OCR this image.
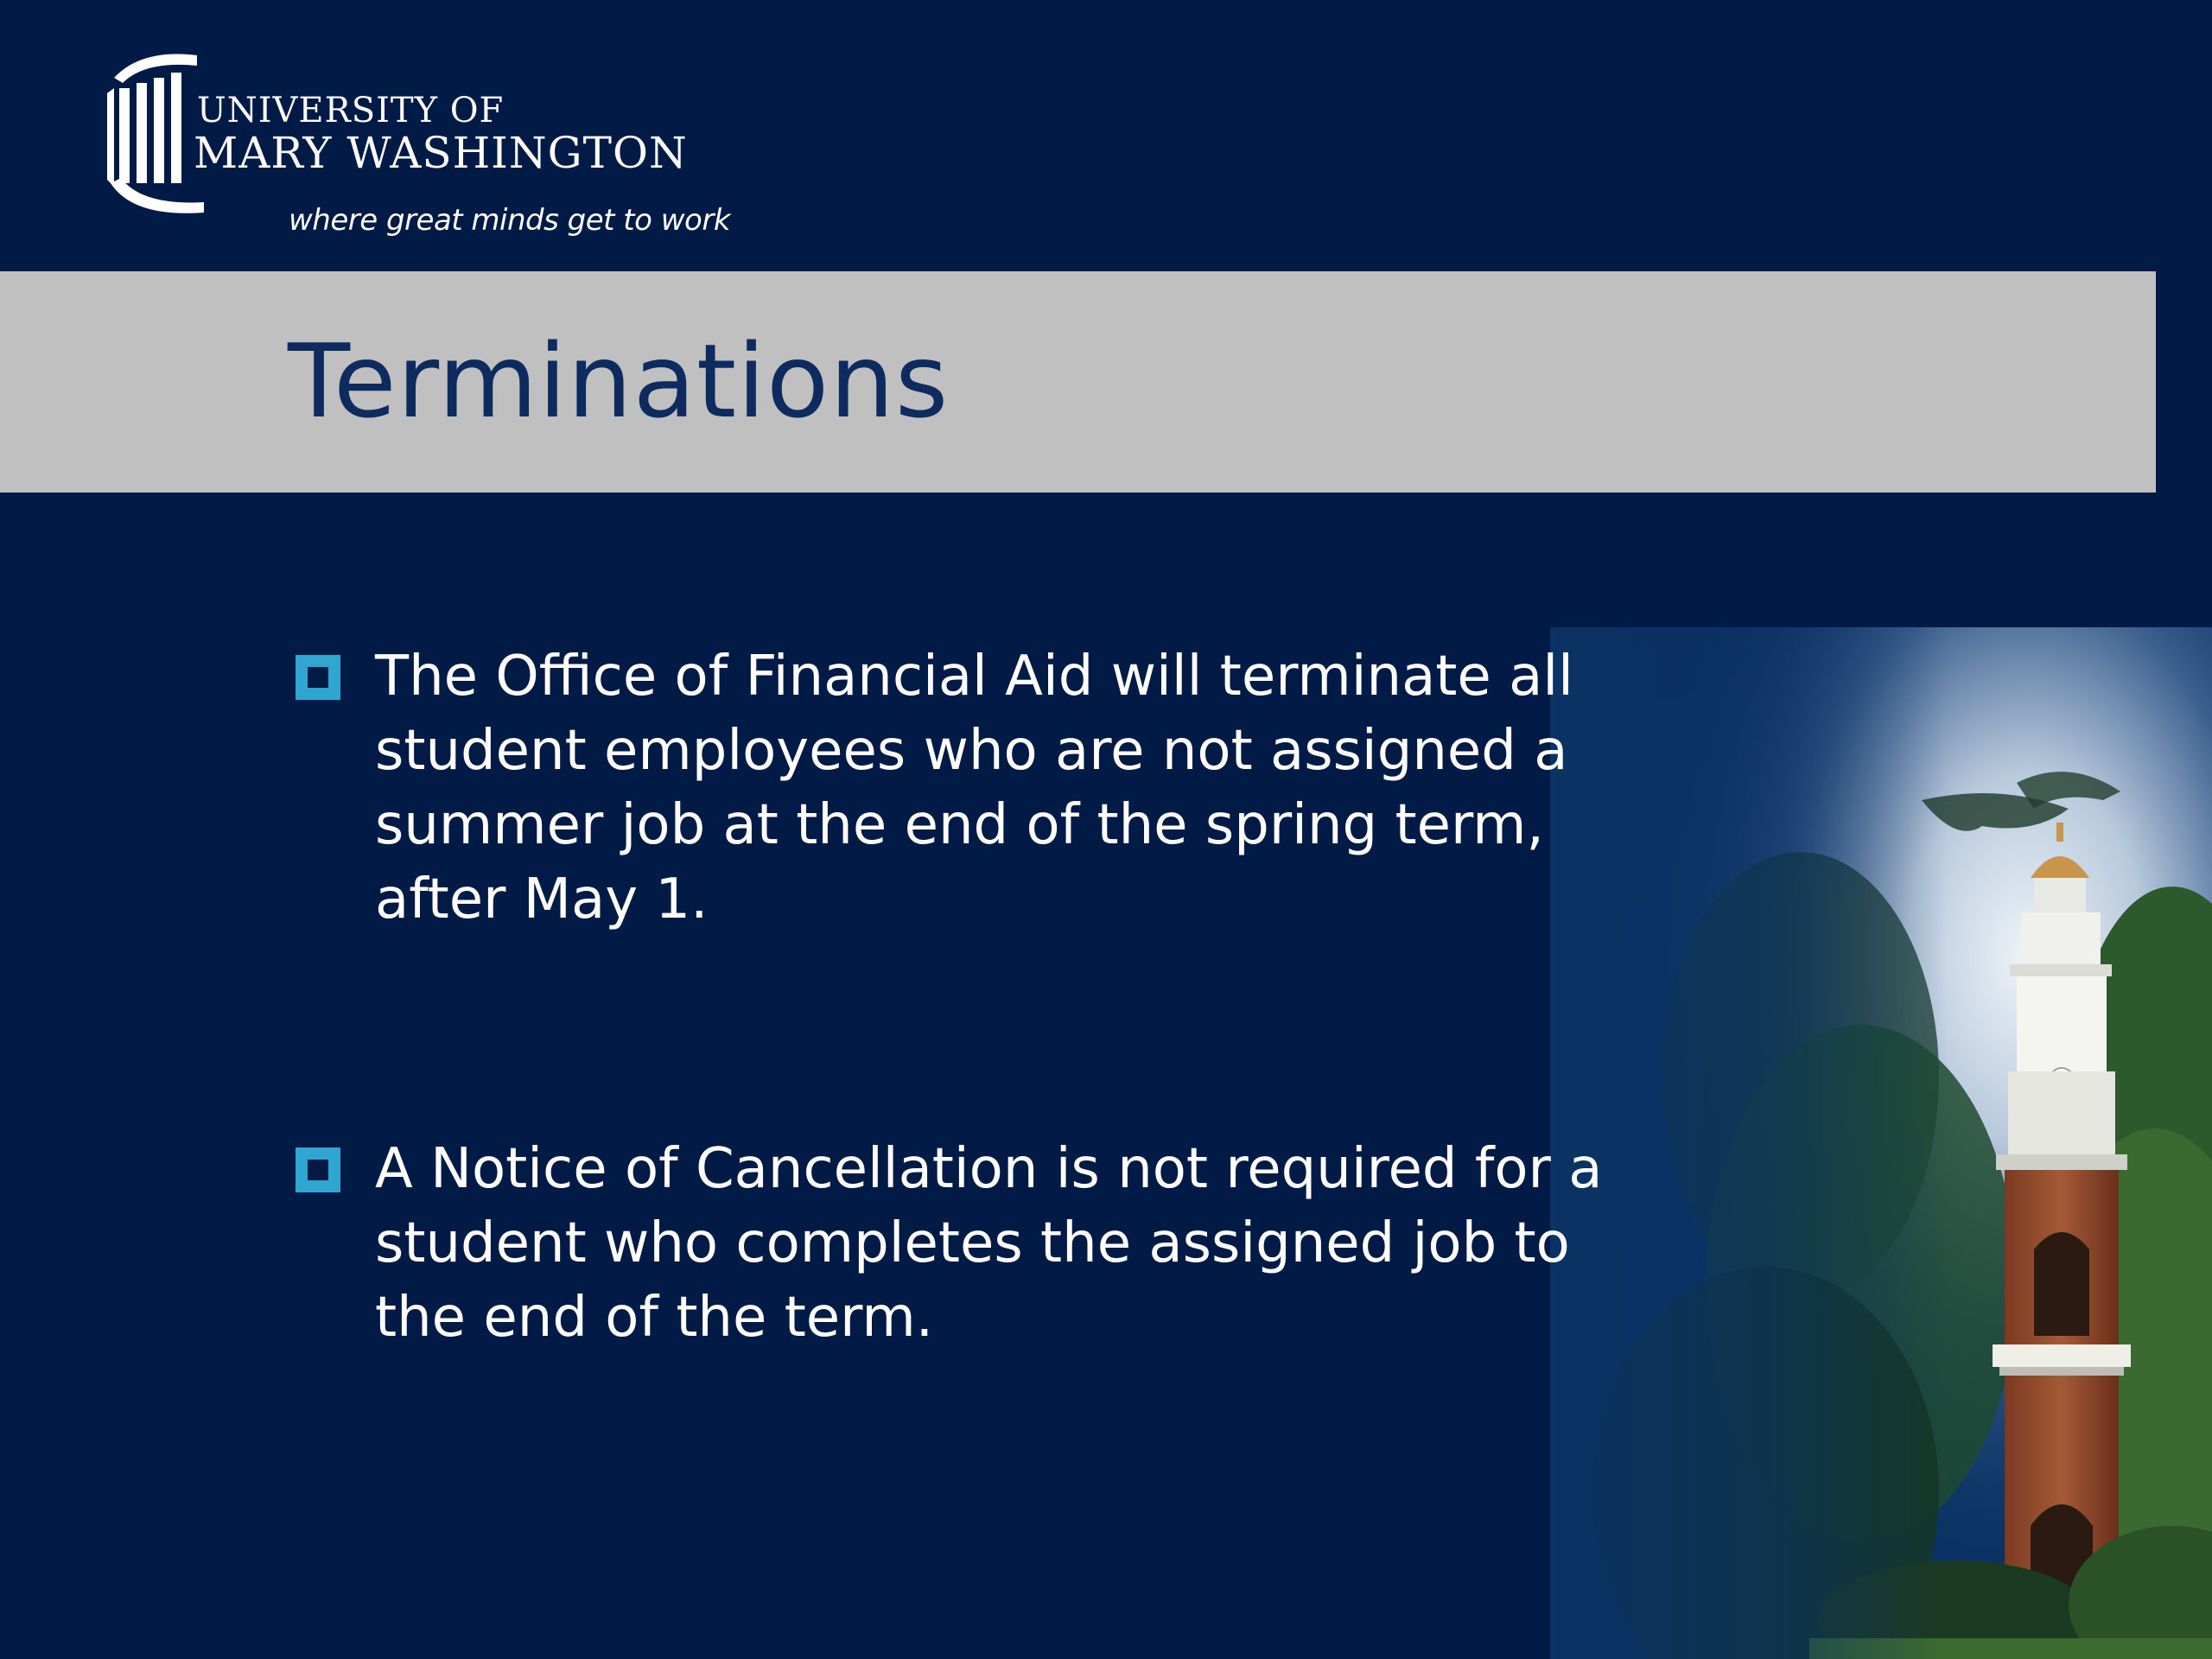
UNIVERSITY OF
MARY WASHINGTON
where great minds get to work
Terminations
The Office of Financial Aid will terminate all
student employees who are not assigned a
summer job at the end of the spring term,
after May 1.
A Notice of Cancellation is not required for a
student who completes the assigned job to
the end of the term.
